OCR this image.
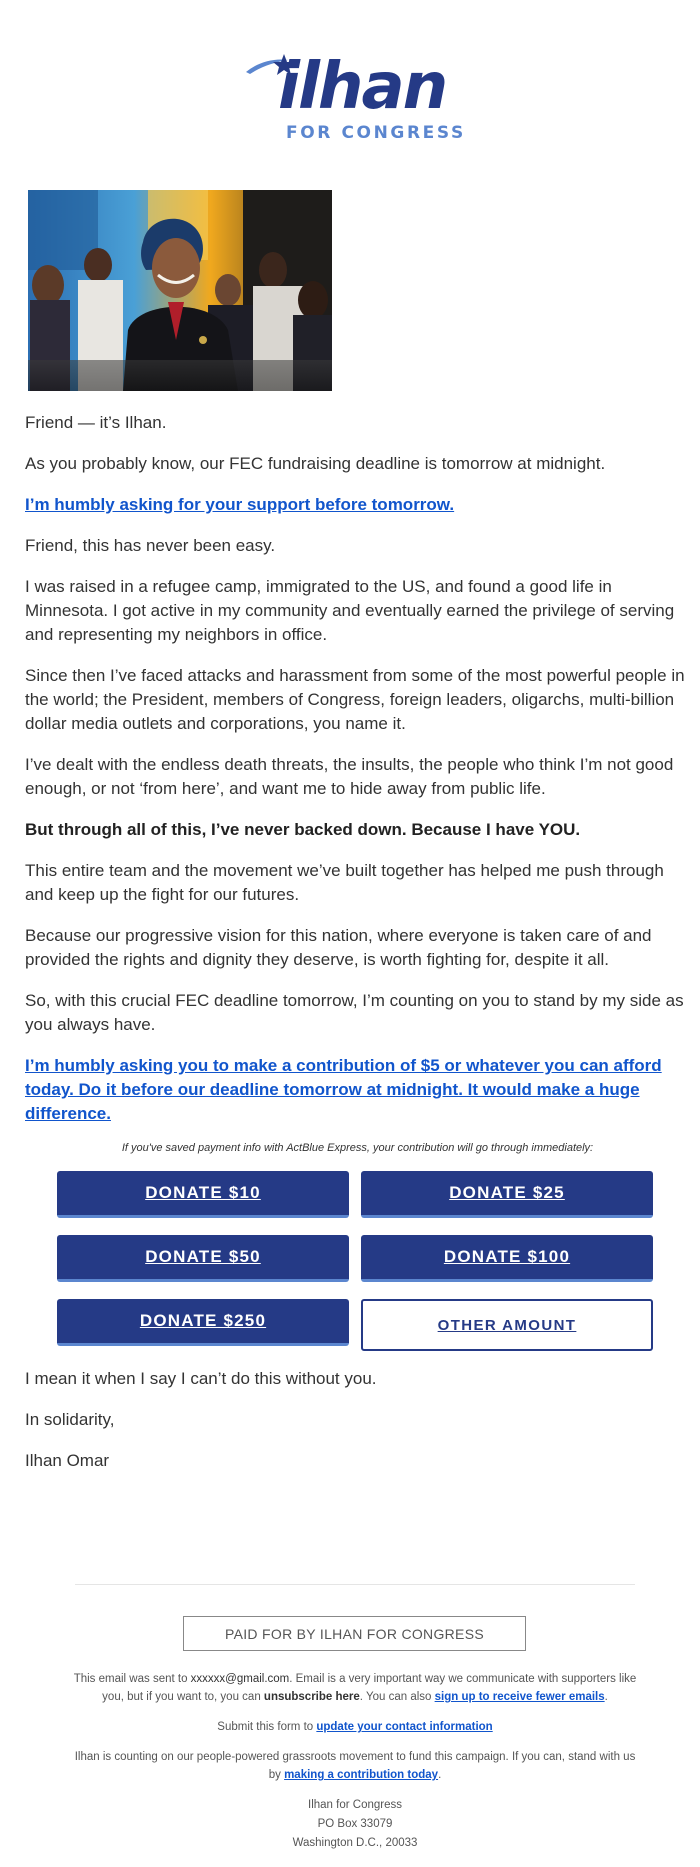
ilhan
FOR CONGRESS

Friend — it’s Ilhan.

As you probably know, our FEC fundraising deadline is tomorrow at midnight.

I’m humbly asking for your support before tomorrow.

Friend, this has never been easy.

I was raised in a refugee camp, immigrated to the US, and found a good life in Minnesota. I got active in my community and eventually earned the privilege of serving and representing my neighbors in office.

Since then I’ve faced attacks and harassment from some of the most powerful people in the world; the President, members of Congress, foreign leaders, oligarchs, multi-billion dollar media outlets and corporations, you name it.

I’ve dealt with the endless death threats, the insults, the people who think I’m not good enough, or not ‘from here’, and want me to hide away from public life.

But through all of this, I’ve never backed down. Because I have YOU.

This entire team and the movement we’ve built together has helped me push through and keep up the fight for our futures.

Because our progressive vision for this nation, where everyone is taken care of and provided the rights and dignity they deserve, is worth fighting for, despite it all.

So, with this crucial FEC deadline tomorrow, I’m counting on you to stand by my side as you always have.

I’m humbly asking you to make a contribution of $5 or whatever you can afford today. Do it before our deadline tomorrow at midnight. It would make a huge difference.

If you've saved payment info with ActBlue Express, your contribution will go through immediately:

DONATE $10	DONATE $25
DONATE $50	DONATE $100
DONATE $250	OTHER AMOUNT

I mean it when I say I can’t do this without you.

In solidarity,

Ilhan Omar

PAID FOR BY ILHAN FOR CONGRESS

This email was sent to xxxxxx@gmail.com. Email is a very important way we communicate with supporters like you, but if you want to, you can unsubscribe here. You can also sign up to receive fewer emails.

Submit this form to update your contact information

Ilhan is counting on our people-powered grassroots movement to fund this campaign. If you can, stand with us by making a contribution today.

Ilhan for Congress
PO Box 33079
Washington D.C., 20033
